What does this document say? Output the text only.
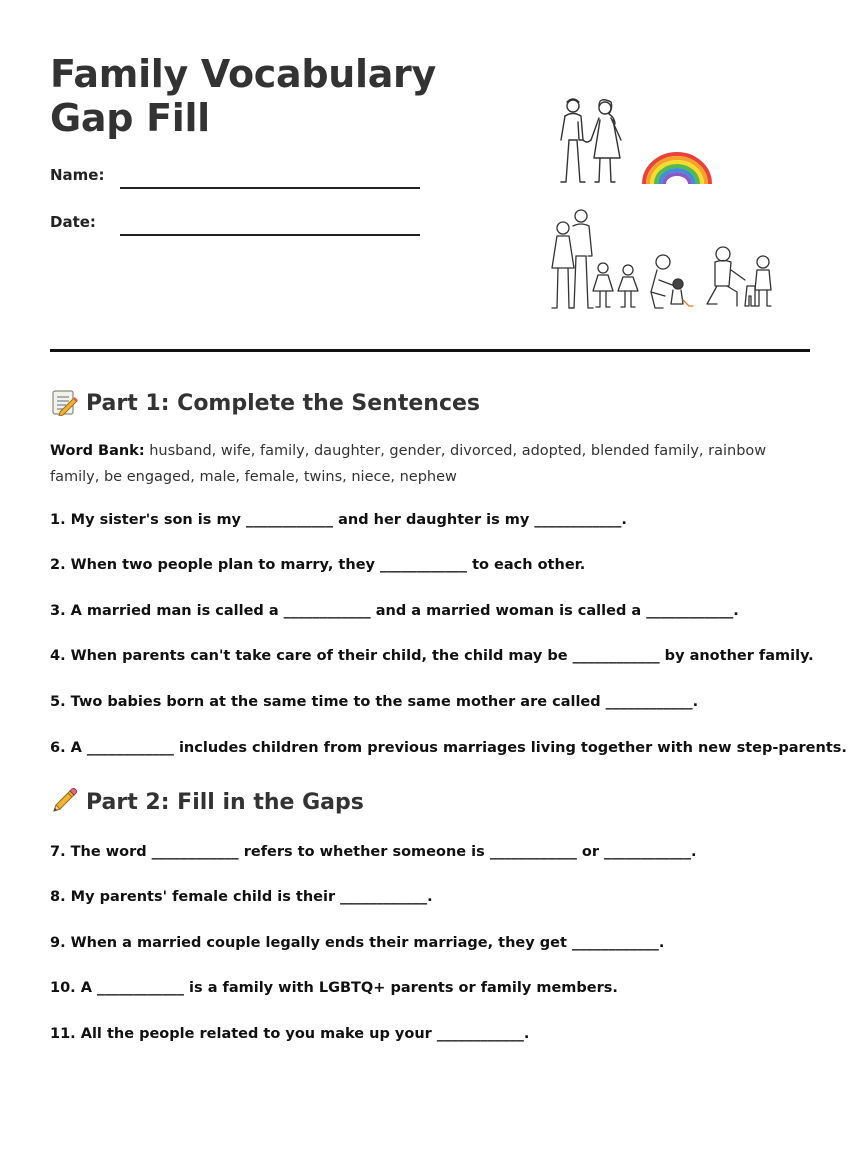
Family Vocabulary Gap Fill
Name:
Date:
Part 1: Complete the Sentences
Word Bank: husband, wife, family, daughter, gender, divorced, adopted, blended family, rainbow family, be engaged, male, female, twins, niece, nephew
1. My sister's son is my ____________ and her daughter is my ____________.
2. When two people plan to marry, they ____________ to each other.
3. A married man is called a ____________ and a married woman is called a ____________.
4. When parents can't take care of their child, the child may be ____________ by another family.
5. Two babies born at the same time to the same mother are called ____________.
6. A ____________ includes children from previous marriages living together with new step-parents.
Part 2: Fill in the Gaps
7. The word ____________ refers to whether someone is ____________ or ____________.
8. My parents' female child is their ____________.
9. When a married couple legally ends their marriage, they get ____________.
10. A ____________ is a family with LGBTQ+ parents or family members.
11. All the people related to you make up your ____________.
